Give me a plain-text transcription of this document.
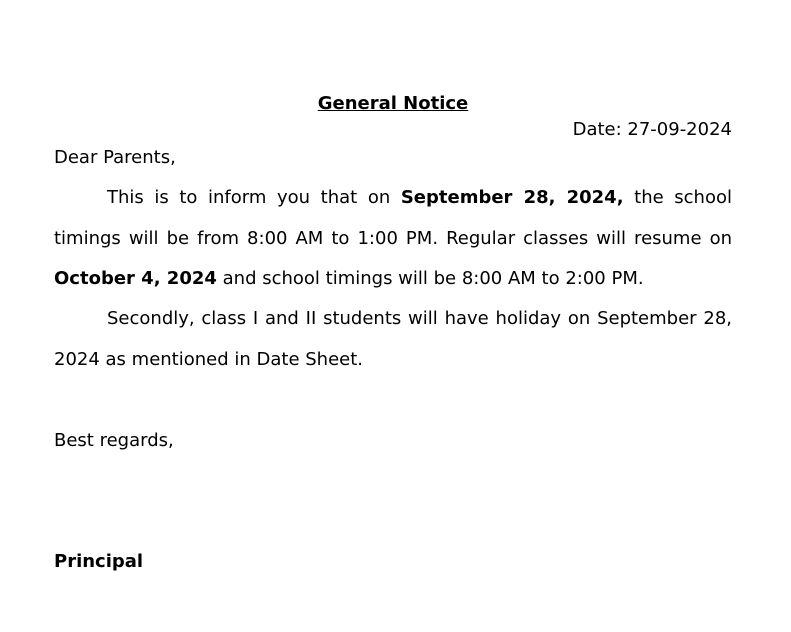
General Notice
Date: 27-09-2024
Dear Parents,

This is to inform you that on September 28, 2024, the school timings will be from 8:00 AM to 1:00 PM. Regular classes will resume on October 4, 2024 and school timings will be 8:00 AM to 2:00 PM.

Secondly, class I and II students will have holiday on September 28, 2024 as mentioned in Date Sheet.

Best regards,
Principal
